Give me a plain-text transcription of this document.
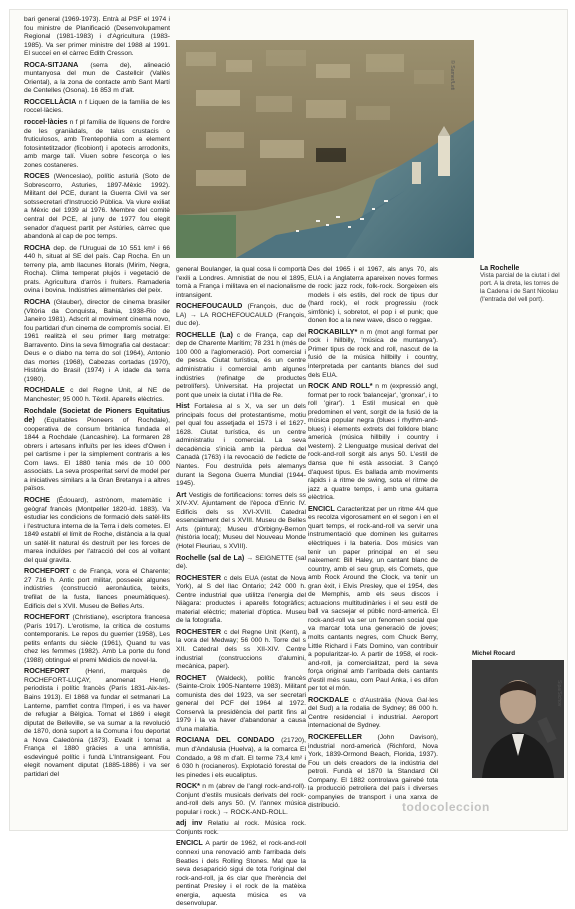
bari general (1969-1973). Entrà al PSF el 1974 i fou ministre de Planificació (Desenvolupament Regional (1981-1983) i d'Agricultura (1983-1985). Va ser primer ministre del 1988 al 1991. El succeí en el càrrec Edith Cresson.
ROCA-SITJANA (serra de), alineació muntanyosa del mun de Castellcir (Vallès Oriental), a la zona de contacte amb Sant Martí de Centelles (Osona). 16 853 m d'alt.
ROCCELLÀCIA n f Liquen de la família de les roccel·làcies.
roccel·làcies n f pl família de líquens de l'ordre de les graniàdals, de talus crustacis o fruticulosos, amb Trentepohlia com a element fotosintetitzador (ficobiont) i apotecis arrodonits, amb marge talí. Viuen sobre l'escorça o les zones costaneres.
ROCES (Wenceslao), polític asturià (Soto de Sobrescorro, Asturies, 1897-Mèxic 1992). Militant del PCE, durant la Guerra Civil va ser sotssecretari d'Instrucció Pública. Va viure exiliat a Mèxic del 1939 al 1976. Membre del comitè central del PCE, al juny de 1977 fou elegit senador d'aquest partit per Astúries, càrrec que abandonà al cap de poc temps.
ROCHA dep. de l'Uruguai de 10 551 km² i 66 440 h, situat al SE del país. Cap Rocha. En un terreny pla, amb llacunes litorals (Mirim, Negra, Rocha). Clima temperat plujós i vegetació de prats. Agricultura d'arròs i fruiters. Ramaderia ovina i bovina. Indústries alimentàries del peix.
ROCHA (Glauber), director de cinema brasiler (Vitòria da Conquista, Bahia, 1938-Rio de Janeiro 1981). Adscrit al moviment cinema novo, fou partidari d'un cinema de compromís social. El 1961 realitzà el seu primer llarg metratge: Barravento. Dins la seva filmografia cal destacar: Deus e o diabo na terra do sol (1964), Antonio das mortes (1968), Cabezas cortadas (1970), História do Brasil (1974) i A idade da terra (1980).
ROCHDALE c del Regne Unit, al NE de Manchester; 95 000 h. Tèxtil. Aparells elèctrics.
Rochdale (Societat de Pioners Equitatius de) (Equitables Pioneers of Rochdale), cooperativa de consum britànica fundada el 1844 a Rochdale (Lancashire). La formaren 28 obrers i artesans influïts per les idees d'Owen i pel cartisme i per la simplement contraris a les Corn laws. El 1880 tenia més de 10 000 associats. La seva prosperitat serví de model per a iniciatives similars a la Gran Bretanya i a altres països.
ROCHE (Édouard), astrònom, matemàtic i geògraf francès (Montpeller 1820-id. 1883). Va estudiar les condicions de formació dels satèl·lits i l'estructura interna de la Terra i dels cometes. El 1849 establí el límit de Roche, distància a la qual un satèl·lit natural és destruït per les forces de marea induïdes per l'atracció del cos al voltant del qual gravita.
ROCHEFORT c de França, vora el Charente; 27 716 h. Antic port militar, posseeix algunes indústries (construcció aeronàutica, teixits, trefilat de la fusta, llances pneumàtiques). Edificis del s XVII. Museu de Belles Arts.
ROCHEFORT (Christiane), escriptora francesa (París 1917). L'erotisme, la crítica de costums contemporanis. Le repos du guerrier (1958), Les petits enfants du siècle (1961), Quand tu vas chez les femmes (1982). Amb La porte du fond (1988) obtingué el premi Médicis de novel·la.
ROCHEFORT (Henri, marquès de ROCHEFORT-LUÇAY, anomenat Henri), periodista i polític francès (París 1831-Aix-les-Bains 1913). El 1868 va fundar el setmanari La Lanterne, pamflet contra l'Imperi, i es va haver de refugiar a Bèlgica. Tornat el 1869 i elegit diputat de Belleville, se va sumar a la revolució de 1870, donà suport a la Comuna i fou deportat a Nova Caledònia (1873). Evadit i tornat a França el 1880 gràcies a una amnistia, esdevingué polític i fundà L'Intransigeant. Fou elegit novament diputat (1885-1886) i va ser partidari del
© Samer/Leti
general Boulanger, la qual cosa li comportà l'exili a Londres. Amnistiat de nou el 1895, tornà a França i militava en el nacionalisme intransigent.
ROCHEFOUCAULD (François, duc de LA) → LA ROCHEFOUCAULD (François, duc de).
ROCHELLE (La) c de França, cap del dep de Charente Marítim; 78 231 h (més de 100 000 a l'aglomeració). Port comercial i de pesca. Ciutat turística, és un centre administratiu i comercial amb algunes indústries (refinatge de productes petrolífers). Universitat. Ha projectat un pont que uneix la ciutat i l'Illa de Re.
Hist Fortalesa al s X, va ser un dels principals focus del protestantisme, motiu pel qual fou assetjada el 1573 i el 1627-1628. Ciutat turística, és un centre administratiu i comercial. La seva decadència s'inicià amb la pèrdua del Canadà (1763) i la revocació de l'edicte de Nantes. Fou destruïda pels alemanys durant la Segona Guerra Mundial (1944-1945).
Art Vestigis de fortificacions: torres dels ss XIV-XV. Ajuntament de l'època d'Enric IV. Edificis dels ss XVI-XVIII. Catedral essencialment del s XVIII. Museu de Belles Arts (pintura); Museu d'Orbigny-Bernon (història local); Museu del Nouveau Monde (Hotel Fleuriau, s XVIII).
Rochelle (sal de La) → SEIGNETTE (sal de).
ROCHESTER c dels EUA (estat de Nova York), al S del llac Ontario; 242 000 h. Centre industrial que utilitza l'energia del Niàgara: productes i aparells fotogràfics; material elèctric; material d'òptica. Museu de la fotografia.
ROCHESTER c del Regne Unit (Kent), a la vora del Medway; 56 000 h. Torre del s XII. Catedral dels ss XII-XIV. Centre industrial (construccions d'alumini, mecànica, paper).
ROCHET (Waldeck), polític francès (Sainte-Croix 1905-Nanterre 1983). Militant comunista des del 1923, va ser secretari general del PCF del 1964 al 1972. Conservà la presidència del partit fins al 1979 i la va haver d'abandonar a causa d'una malaltia.
ROCIANA DEL CONDADO (21720), mun d'Andalusia (Huelva), a la comarca El Condado, a 98 m d'alt. El terme 73,4 km² i 6 030 h (rocianeros). Explotació forestal de les pinedes i els eucaliptus.
ROCK* n m (abrev de l'angl rock-and-roll). Conjunt d'estils musicals derivats del rock-and-roll dels anys 50. (V. l'annex música popular i rock.) → ROCK-AND-ROLL.
adj inv Relatiu al rock. Música rock. Conjunts rock.
ENCICL A partir de 1962, el rock-and-roll connexi una renovació amb l'arribada dels Beatles i dels Rolling Stones. Mal que la seva desaparició sigui de tota l'original del rock-and-roll, ja és clar que l'herència del pentinat Presley i el rock de la matèixa energia, aquesta música es va desenvolupar.
Des del 1965 i el 1967, als anys 70, als EUA i a Anglaterra apareixen noves formes de rock: jazz rock, folk-rock. Sorgeixen els models i els estils, del rock de tipus dur (hard rock), el rock progressiu (rock simfònic) i, sobretot, el pop i el punk; que donen lloc a la new wave, disco o reggae.
ROCKABILLY* n m (mot angl format per rock i hillbilly, 'música de muntanya'). Primer tipus de rock and roll, nascut de la fusió de la música hillbilly i country, interpretada per cantants blancs del sud dels EUA.
ROCK AND ROLL* n m (expressió angl, format per to rock 'balancejar', 'gronxar', i to roll 'girar'). 1 Estil musical en què predominen el vent, sorgit de la fusió de la música popular negra (blues i rhythm-and-blues) i elements extrets del folklore blanc americà (música hillbilly i country i western). 2 Llenguatge musical derivat del rock-and-roll sorgit als anys 50. L'estil de dansa que hi està associat. 3 Cançó d'aquest tipus. Es ballada amb moviments ràpids i a ritme de swing, sota el ritme de jazz a quatre temps, i amb una guitarra elèctrica.
ENCICL Caracteritzat per un ritme 4/4 que es recolza vigorosament en el segon i en el quart temps, el rock-and-roll va servir una instrumentació que dominen les guitarres elèctriques i la bateria. Dos músics van tenir un paper principal en el seu naixement: Bill Haley, un cantant blanc de country, amb el seu grup, els Comets, que amb Rock Around the Clock, va tenir un gran èxit, i Elvis Presley, que el 1954, des de Memphis, amb els seus discos i actuacions multitudinàries i el seu estil de ball va sacsejar el públic nord-americà. El rock-and-roll va ser un fenomen social que va marcar tota una generació de joves; molts cantants negres, com Chuck Berry, Little Richard i Fats Domino, van contribuir a popularitzar-lo. A partir de 1958, el rock-and-roll, ja comercialitzat, perd la seva força original amb l'arribada dels cantants d'estil més suau, com Paul Anka, i es difon per tot el món.
ROCKDALE c d'Austràlia (Nova Gal·les del Sud) a la rodalia de Sydney; 86 000 h. Centre residencial i industrial. Aeroport internacional de Sydney.
ROCKEFELLER (John Davison), industrial nord-americà (Richford, Nova York, 1839-Ormond Beach, Florida, 1937). Fou un dels creadors de la indústria del petroli. Fundà el 1870 la Standard Oil Company. El 1882 controlava gairebé tota la producció petroliera del país i diverses companyies de transport i una xarxa de distribució.
La Rochelle
Vista parcial de la ciutat i del port. A la dreta, les torres de la Cadena i de Sant Nicolau (l'entrada del vell port).
Michel Rocard
Sipa/Sichov
todocoleccion
